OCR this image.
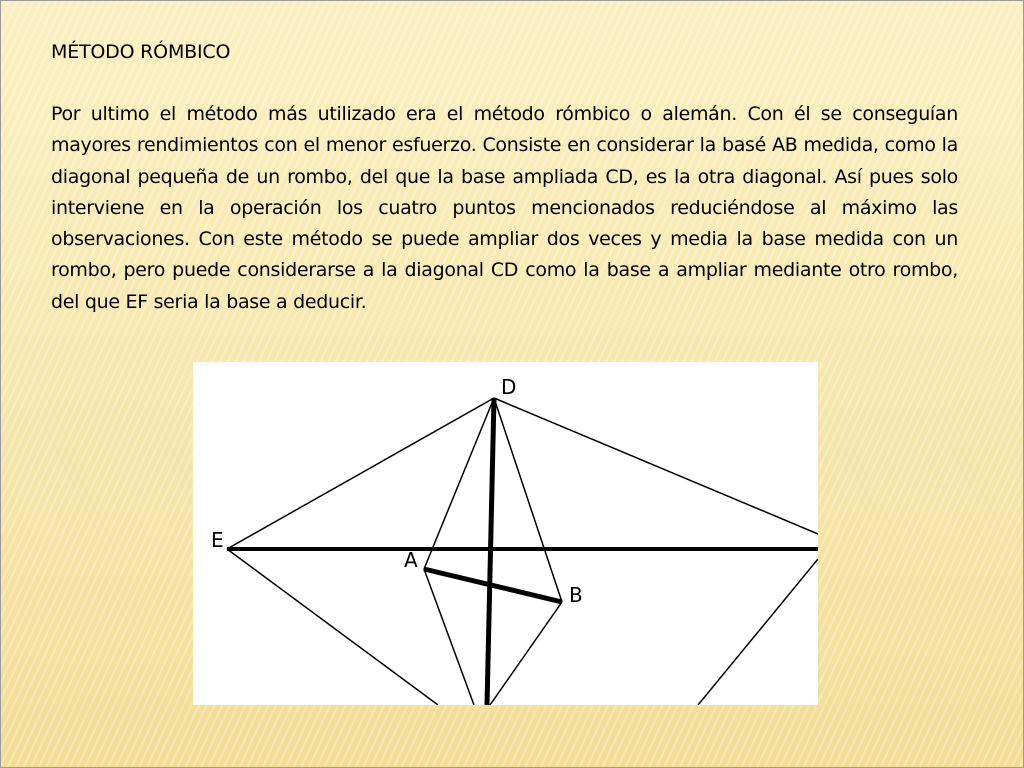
MÉTODO RÓMBICO

Por ultimo el método más utilizado era el método rómbico o alemán. Con él se conseguían mayores rendimientos con el menor esfuerzo. Consiste en considerar la basé AB medida, como la diagonal pequeña de un rombo, del que la base ampliada CD, es la otra diagonal. Así pues solo interviene en la operación los cuatro puntos mencionados reduciéndose al máximo las observaciones. Con este método se puede ampliar dos veces y media la base medida con un rombo, pero puede considerarse a la diagonal CD como la base a ampliar mediante otro rombo, del que EF seria la base a deducir.

D
E
A
B
